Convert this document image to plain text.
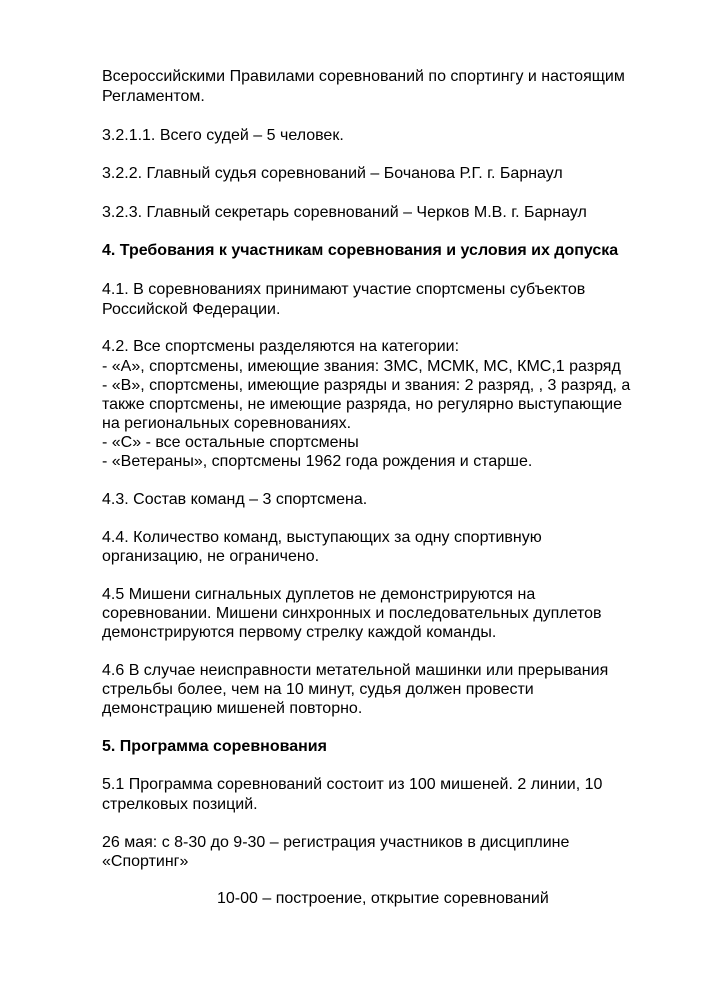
Всероссийскими Правилами соревнований по спортингу и настоящим

Регламентом.

3.2.1.1. Всего судей – 5 человек.

3.2.2. Главный судья соревнований – Бочанова Р.Г. г. Барнаул

3.2.3. Главный секретарь соревнований – Черков М.В. г. Барнаул

4. Требования к участникам соревнования и условия их допуска

4.1. В соревнованиях принимают участие спортсмены субъектов

Российской Федерации.

4.2. Все спортсмены разделяются на категории:

- «А», спортсмены, имеющие звания: ЗМС, МСМК, МС, КМС,1 разряд

- «В», спортсмены, имеющие разряды и звания: 2 разряд, , 3 разряд, а

также спортсмены, не имеющие разряда, но регулярно выступающие

на региональных соревнованиях.

- «С» - все остальные спортсмены

- «Ветераны», спортсмены 1962 года рождения и старше.

4.3. Состав команд – 3 спортсмена.

4.4. Количество команд, выступающих за одну спортивную

организацию, не ограничено.

4.5 Мишени сигнальных дуплетов не демонстрируются на

соревновании. Мишени синхронных и последовательных дуплетов

демонстрируются первому стрелку каждой команды.

4.6 В случае неисправности метательной машинки или прерывания

стрельбы более, чем на 10 минут, судья должен провести

демонстрацию мишеней повторно.

5. Программа соревнования

5.1 Программа соревнований состоит из 100 мишеней. 2 линии, 10

стрелковых позиций.

26 мая: с 8-30 до 9-30 – регистрация участников в дисциплине

«Спортинг»

10-00 – построение, открытие соревнований
